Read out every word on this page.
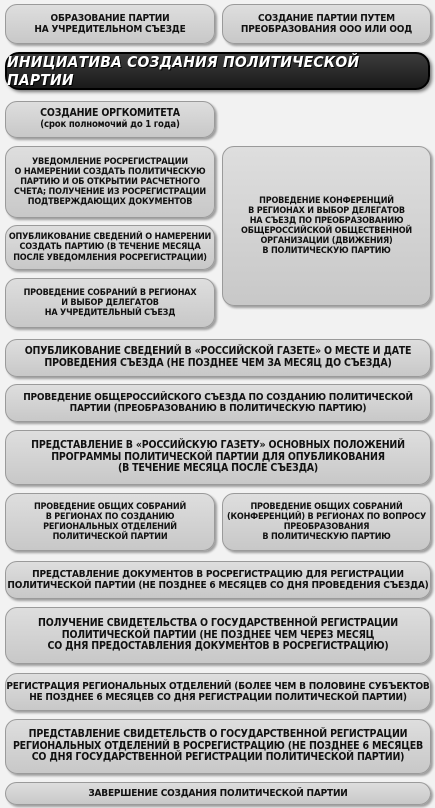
ОБРАЗОВАНИЕ ПАРТИИ
НА УЧРЕДИТЕЛЬНОМ СЪЕЗДЕ
СОЗДАНИЕ ПАРТИИ ПУТЕМ
ПРЕОБРАЗОВАНИЯ ООО ИЛИ ООД
ИНИЦИАТИВА СОЗДАНИЯ ПОЛИТИЧЕСКОЙ ПАРТИИ
СОЗДАНИЕ ОРГКОМИТЕТА
(срок полномочий до 1 года)
УВЕДОМЛЕНИЕ РОСРЕГИСТРАЦИИ
О НАМЕРЕНИИ СОЗДАТЬ ПОЛИТИЧЕСКУЮ
ПАРТИЮ И ОБ ОТКРЫТИИ РАСЧЕТНОГО
СЧЕТА; ПОЛУЧЕНИЕ ИЗ РОСРЕГИСТРАЦИИ
ПОДТВЕРЖДАЮЩИХ ДОКУМЕНТОВ	ПРОВЕДЕНИЕ КОНФЕРЕНЦИЙ
В РЕГИОНАХ И ВЫБОР ДЕЛЕГАТОВ
НА СЪЕЗД ПО ПРЕОБРАЗОВАНИЮ
ОБЩЕРОССИЙСКОЙ ОБЩЕСТВЕННОЙ
ОРГАНИЗАЦИИ (ДВИЖЕНИЯ)
В ПОЛИТИЧЕСКУЮ ПАРТИЮ
ОПУБЛИКОВАНИЕ СВЕДЕНИЙ О НАМЕРЕНИИ
СОЗДАТЬ ПАРТИЮ (В ТЕЧЕНИЕ МЕСЯЦА
ПОСЛЕ УВЕДОМЛЕНИЯ РОСРЕГИСТРАЦИИ)
ПРОВЕДЕНИЕ СОБРАНИЙ В РЕГИОНАХ
И ВЫБОР ДЕЛЕГАТОВ
НА УЧРЕДИТЕЛЬНЫЙ СЪЕЗД
ОПУБЛИКОВАНИЕ СВЕДЕНИЙ В «РОССИЙСКОЙ ГАЗЕТЕ» О МЕСТЕ И ДАТЕ
ПРОВЕДЕНИЯ СЪЕЗДА (НЕ ПОЗДНЕЕ ЧЕМ ЗА МЕСЯЦ ДО СЪЕЗДА)
ПРОВЕДЕНИЕ ОБЩЕРОССИЙСКОГО СЪЕЗДА ПО СОЗДАНИЮ ПОЛИТИЧЕСКОЙ
ПАРТИИ (ПРЕОБРАЗОВАНИЮ В ПОЛИТИЧЕСКУЮ ПАРТИЮ)
ПРЕДСТАВЛЕНИЕ В «РОССИЙСКУЮ ГАЗЕТУ» ОСНОВНЫХ ПОЛОЖЕНИЙ
ПРОГРАММЫ ПОЛИТИЧЕСКОЙ ПАРТИИ ДЛЯ ОПУБЛИКОВАНИЯ
(В ТЕЧЕНИЕ МЕСЯЦА ПОСЛЕ СЪЕЗДА)
ПРОВЕДЕНИЕ ОБЩИХ СОБРАНИЙ
В РЕГИОНАХ ПО СОЗДАНИЮ
РЕГИОНАЛЬНЫХ ОТДЕЛЕНИЙ
ПОЛИТИЧЕСКОЙ ПАРТИИ
ПРОВЕДЕНИЕ ОБЩИХ СОБРАНИЙ
(КОНФЕРЕНЦИЙ) В РЕГИОНАХ ПО ВОПРОСУ
ПРЕОБРАЗОВАНИЯ
В ПОЛИТИЧЕСКУЮ ПАРТИЮ
ПРЕДСТАВЛЕНИЕ ДОКУМЕНТОВ В РОСРЕГИСТРАЦИЮ ДЛЯ РЕГИСТРАЦИИ
ПОЛИТИЧЕСКОЙ ПАРТИИ (НЕ ПОЗДНЕЕ 6 МЕСЯЦЕВ СО ДНЯ ПРОВЕДЕНИЯ СЪЕЗДА)
ПОЛУЧЕНИЕ СВИДЕТЕЛЬСТВА О ГОСУДАРСТВЕННОЙ РЕГИСТРАЦИИ
ПОЛИТИЧЕСКОЙ ПАРТИИ (НЕ ПОЗДНЕЕ ЧЕМ ЧЕРЕЗ МЕСЯЦ
СО ДНЯ ПРЕДОСТАВЛЕНИЯ ДОКУМЕНТОВ В РОСРЕГИСТРАЦИЮ)
РЕГИСТРАЦИЯ РЕГИОНАЛЬНЫХ ОТДЕЛЕНИЙ (БОЛЕЕ ЧЕМ В ПОЛОВИНЕ СУБЪЕКТОВ
НЕ ПОЗДНЕЕ 6 МЕСЯЦЕВ СО ДНЯ РЕГИСТРАЦИИ ПОЛИТИЧЕСКОЙ ПАРТИИ)
ПРЕДСТАВЛЕНИЕ СВИДЕТЕЛЬСТВ О ГОСУДАРСТВЕННОЙ РЕГИСТРАЦИИ
РЕГИОНАЛЬНЫХ ОТДЕЛЕНИЙ В РОСРЕГИСТРАЦИЮ (НЕ ПОЗДНЕЕ 6 МЕСЯЦЕВ
СО ДНЯ ГОСУДАРСТВЕННОЙ РЕГИСТРАЦИИ ПОЛИТИЧЕСКОЙ ПАРТИИ)
ЗАВЕРШЕНИЕ СОЗДАНИЯ ПОЛИТИЧЕСКОЙ ПАРТИИ
